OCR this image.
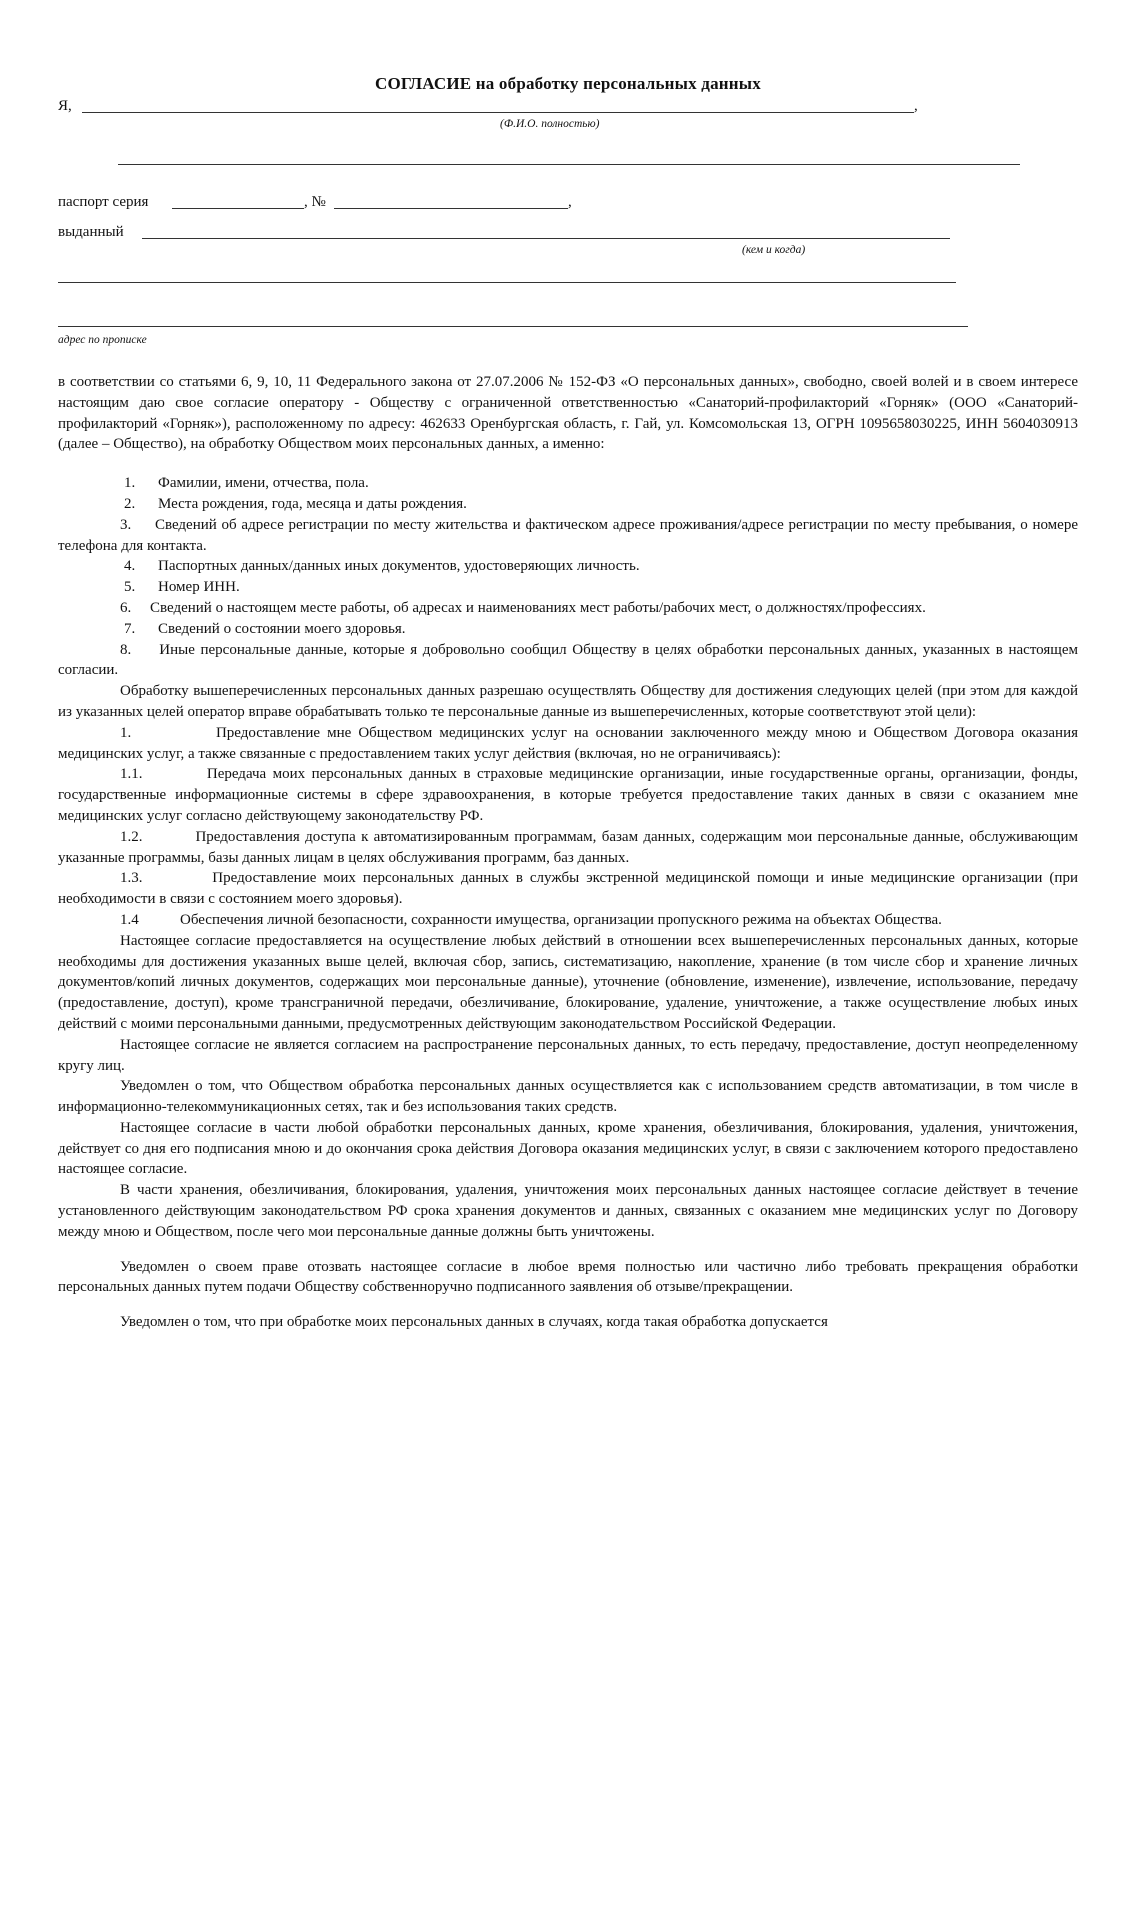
СОГЛАСИЕ на обработку персональных данных
Я,	,
(Ф.И.О. полностью)
паспорт серия	, №	,
выданный
(кем и когда)
адрес по прописке

в соответствии со статьями 6, 9, 10, 11 Федерального закона от 27.07.2006 № 152-ФЗ «О персональных данных», свободно, своей волей и в своем интересе настоящим даю свое согласие оператору - Обществу с ограниченной ответственностью «Санаторий-профилакторий «Горняк» (ООО «Санаторий-профилакторий «Горняк»), расположенному по адресу: 462633 Оренбургская область, г. Гай, ул. Комсомольская 13, ОГРН 1095658030225, ИНН 5604030913 (далее – Общество), на обработку Обществом моих персональных данных, а именно:

1.	Фамилии, имени, отчества, пола.
2.	Места рождения, года, месяца и даты рождения.

3. Сведений об адресе регистрации по месту жительства и фактическом адресе проживания/адресе регистрации по месту пребывания, о номере телефона для контакта.

4.	Паспортных данных/данных иных документов, удостоверяющих личность.
5.	Номер ИНН.

6. Сведений о настоящем месте работы, об адресах и наименованиях мест работы/рабочих мест, о должностях/профессиях.

7.	Сведений о состоянии моего здоровья.

8. Иные персональные данные, которые я добровольно сообщил Обществу в целях обработки персональных данных, указанных в настоящем согласии.

Обработку вышеперечисленных персональных данных разрешаю осуществлять Обществу для достижения следующих целей (при этом для каждой из указанных целей оператор вправе обрабатывать только те персональные данные из вышеперечисленных, которые соответствуют этой цели):

1.	Предоставление мне Обществом медицинских услуг на основании заключенного между мною и Обществом Договора оказания медицинских услуг, а также связанные с предоставлением таких услуг действия (включая, но не ограничиваясь):

1.1.	Передача моих персональных данных в страховые медицинские организации, иные государственные органы, организации, фонды, государственные информационные системы в сфере здравоохранения, в которые требуется предоставление таких данных в связи с оказанием мне медицинских услуг согласно действующему законодательству РФ.

1.2.	Предоставления доступа к автоматизированным программам, базам данных, содержащим мои персональные данные, обслуживающим указанные программы, базы данных лицам в целях обслуживания программ, баз данных.

1.3.	Предоставление моих персональных данных в службы экстренной медицинской помощи и иные медицинские организации (при необходимости в связи с состоянием моего здоровья).

1.4	Обеспечения личной безопасности, сохранности имущества, организации пропускного режима на объектах Общества.

Настоящее согласие предоставляется на осуществление любых действий в отношении всех вышеперечисленных персональных данных, которые необходимы для достижения указанных выше целей, включая сбор, запись, систематизацию, накопление, хранение (в том числе сбор и хранение личных документов/копий личных документов, содержащих мои персональные данные), уточнение (обновление, изменение), извлечение, использование, передачу (предоставление, доступ), кроме трансграничной передачи, обезличивание, блокирование, удаление, уничтожение, а также осуществление любых иных действий с моими персональными данными, предусмотренных действующим законодательством Российской Федерации.

Настоящее согласие не является согласием на распространение персональных данных, то есть передачу, предоставление, доступ неопределенному кругу лиц.

Уведомлен о том, что Обществом обработка персональных данных осуществляется как с использованием средств автоматизации, в том числе в информационно-телекоммуникационных сетях, так и без использования таких средств.

Настоящее согласие в части любой обработки персональных данных, кроме хранения, обезличивания, блокирования, удаления, уничтожения, действует со дня его подписания мною и до окончания срока действия Договора оказания медицинских услуг, в связи с заключением которого предоставлено настоящее согласие.

В части хранения, обезличивания, блокирования, удаления, уничтожения моих персональных данных настоящее согласие действует в течение установленного действующим законодательством РФ срока хранения документов и данных, связанных с оказанием мне медицинских услуг по Договору между мною и Обществом, после чего мои персональные данные должны быть уничтожены.

Уведомлен о своем праве отозвать настоящее согласие в любое время полностью или частично либо требовать прекращения обработки персональных данных путем подачи Обществу собственноручно подписанного заявления об отзыве/прекращении.

Уведомлен о том, что при обработке моих персональных данных в случаях, когда такая обработка допускается
